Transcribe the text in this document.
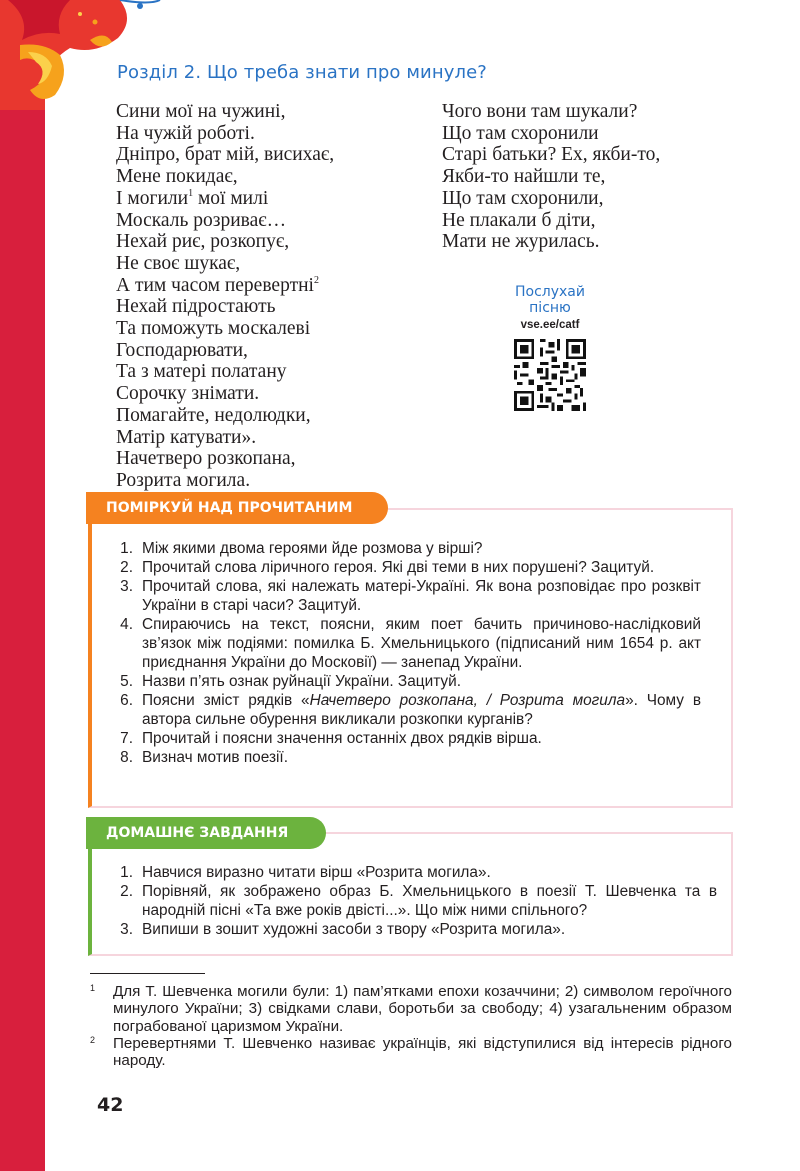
Розділ 2. Що треба знати про минуле?
Сини мої на чужині,
На чужій роботі.
Дніпро, брат мій, висихає,
Мене покидає,
І могили$^1$ мої милі
Москаль розриває…
Нехай риє, розкопує,
Не своє шукає,
А тим часом перевертні$^2$
Нехай підростають
Та поможуть москалеві
Господарювати,
Та з матері полатану
Сорочку знімати.
Помагайте, недолюдки,
Матір катувати».
Начетверо розкопана,
Розрита могила.
Чого вони там шукали?
Що там схоронили
Старі батьки? Ех, якби-то,
Якби-то найшли те,
Що там схоронили,
Не плакали б діти,
Мати не журилась.
Послухай
пісню
vse.ee/catf
ПОМІРКУЙ НАД ПРОЧИТАНИМ
1. Між якими двома героями йде розмова у вірші?
2. Прочитай слова ліричного героя. Які дві теми в них порушені? Зацитуй.
3. Прочитай слова, які належать матері-Україні. Як вона розповідає про розквіт України в старі часи? Зацитуй.
4. Спираючись на текст, поясни, яким поет бачить причиново-наслідковий зв’язок між подіями: помилка Б. Хмельницького (підписаний ним 1654 р. акт приєднання України до Московії) — занепад України.
5. Назви п’ять ознак руйнації України. Зацитуй.
6. Поясни зміст рядків «Начетверо розкопана, / Розрита могила». Чому в автора сильне обурення викликали розкопки курганів?
7. Прочитай і поясни значення останніх двох рядків вірша.
8. Визнач мотив поезії.
ДОМАШНЄ ЗАВДАННЯ
1. Навчися виразно читати вірш «Розрита могила».
2. Порівняй, як зображено образ Б. Хмельницького в поезії Т. Шевченка та в народній пісні «Та вже років двісті...». Що між ними спільного?
3. Випиши в зошит художні засоби з твору «Розрита могила».
1 Для Т. Шевченка могили були: 1) пам’ятками епохи козаччини; 2) символом героїчного минулого України; 3) свідками слави, боротьби за свободу; 4) узагальненим образом пограбованої царизмом України.
2 Перевертнями Т. Шевченко називає українців, які відступилися від інтересів рідного народу.
42
